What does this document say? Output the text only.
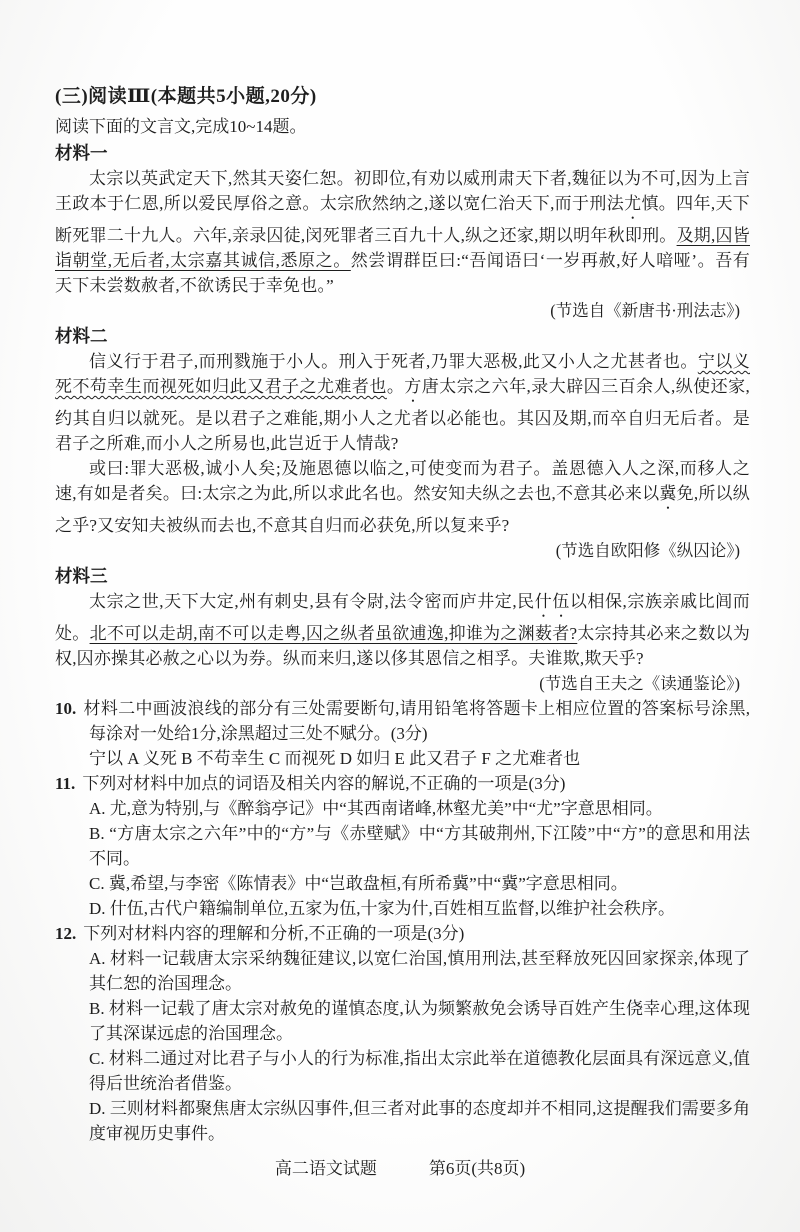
(三)阅读Ⅲ(本题共5小题,20分)

阅读下面的文言文,完成10~14题。

材料一

太宗以英武定天下,然其天姿仁恕。初即位,有劝以威刑肃天下者,魏征以为不可,因为上言王政本于仁恩,所以爱民厚俗之意。太宗欣然纳之,遂以宽仁治天下,而于刑法尤慎。四年,天下断死罪二十九人。六年,亲录囚徒,闵死罪者三百九十人,纵之还家,期以明年秋即刑。及期,囚皆诣朝堂,无后者,太宗嘉其诚信,悉原之。然尝谓群臣曰:“吾闻语曰‘一岁再赦,好人喑哑’。吾有天下未尝数赦者,不欲诱民于幸免也。”

(节选自《新唐书·刑法志》)

材料二

信义行于君子,而刑戮施于小人。刑入于死者,乃罪大恶极,此又小人之尤甚者也。宁以义死不苟幸生而视死如归此又君子之尤难者也。方唐太宗之六年,录大辟囚三百余人,纵使还家,约其自归以就死。是以君子之难能,期小人之尤者以必能也。其囚及期,而卒自归无后者。是君子之所难,而小人之所易也,此岂近于人情哉?

或曰:罪大恶极,诚小人矣;及施恩德以临之,可使变而为君子。盖恩德入人之深,而移人之速,有如是者矣。曰:太宗之为此,所以求此名也。然安知夫纵之去也,不意其必来以冀免,所以纵之乎?又安知夫被纵而去也,不意其自归而必获免,所以复来乎?

(节选自欧阳修《纵囚论》)

材料三

太宗之世,天下大定,州有刺史,县有令尉,法令密而庐井定,民什伍以相保,宗族亲戚比闾而处。北不可以走胡,南不可以走粤,囚之纵者虽欲逋逸,抑谁为之渊薮者?太宗持其必来之数以为权,囚亦操其必赦之心以为券。纵而来归,遂以侈其恩信之相孚。夫谁欺,欺天乎?

(节选自王夫之《读通鉴论》)

10. 材料二中画波浪线的部分有三处需要断句,请用铅笔将答题卡上相应位置的答案标号涂黑,每涂对一处给1分,涂黑超过三处不赋分。(3分)
宁以 A 义死 B 不苟幸生 C 而视死 D 如归 E 此又君子 F 之尤难者也
11. 下列对材料中加点的词语及相关内容的解说,不正确的一项是(3分)
A. 尤,意为特别,与《醉翁亭记》中“其西南诸峰,林壑尤美”中“尤”字意思相同。
B. “方唐太宗之六年”中的“方”与《赤壁赋》中“方其破荆州,下江陵”中“方”的意思和用法不同。
C. 冀,希望,与李密《陈情表》中“岂敢盘桓,有所希冀”中“冀”字意思相同。
D. 什伍,古代户籍编制单位,五家为伍,十家为什,百姓相互监督,以维护社会秩序。
12. 下列对材料内容的理解和分析,不正确的一项是(3分)
A. 材料一记载唐太宗采纳魏征建议,以宽仁治国,慎用刑法,甚至释放死囚回家探亲,体现了其仁恕的治国理念。
B. 材料一记载了唐太宗对赦免的谨慎态度,认为频繁赦免会诱导百姓产生侥幸心理,这体现了其深谋远虑的治国理念。
C. 材料二通过对比君子与小人的行为标准,指出太宗此举在道德教化层面具有深远意义,值得后世统治者借鉴。
D. 三则材料都聚焦唐太宗纵囚事件,但三者对此事的态度却并不相同,这提醒我们需要多角度审视历史事件。
高二语文试题	第6页(共8页)
